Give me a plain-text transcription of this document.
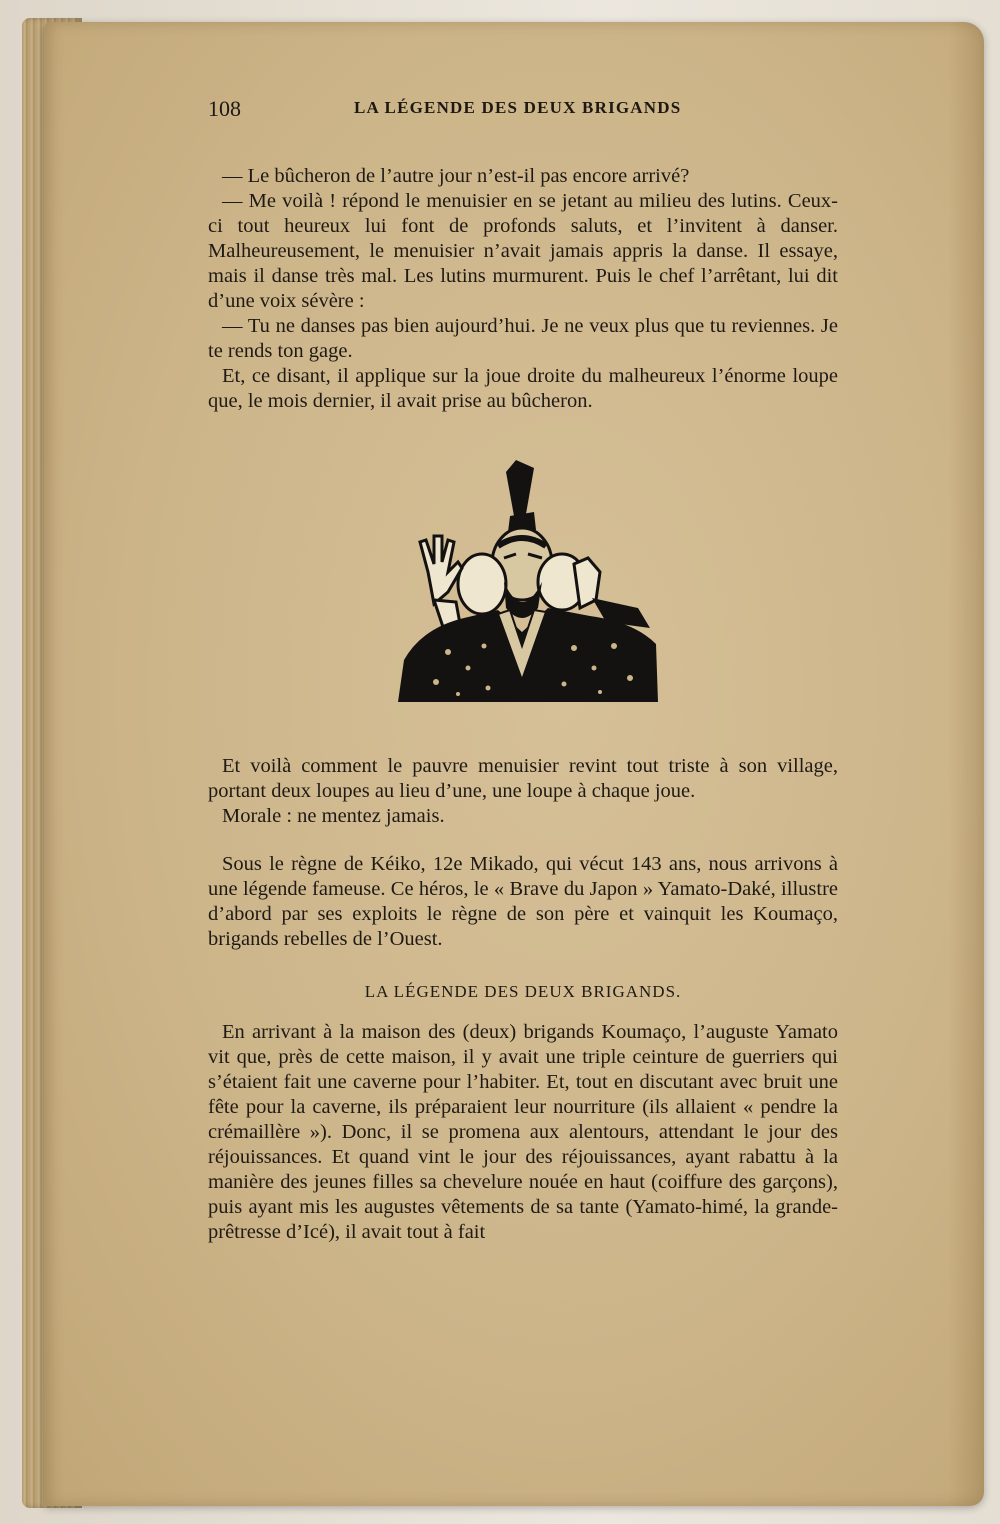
108	LA LÉGENDE DES DEUX BRIGANDS

— Le bûcheron de l’autre jour n’est-il pas encore arrivé?

— Me voilà ! répond le menuisier en se jetant au milieu des lutins. Ceux-ci tout heureux lui font de profonds saluts, et l’invitent à danser. Malheureusement, le menuisier n’avait jamais appris la danse. Il essaye, mais il danse très mal. Les lutins murmurent. Puis le chef l’arrêtant, lui dit d’une voix sévère :

— Tu ne danses pas bien aujourd’hui. Je ne veux plus que tu reviennes. Je te rends ton gage.

Et, ce disant, il applique sur la joue droite du malheureux l’énorme loupe que, le mois dernier, il avait prise au bûcheron.

Et voilà comment le pauvre menuisier revint tout triste à son village, portant deux loupes au lieu d’une, une loupe à chaque joue.

Morale : ne mentez jamais.

Sous le règne de Kéiko, 12e Mikado, qui vécut 143 ans, nous arrivons à une légende fameuse. Ce héros, le « Brave du Japon » Yamato-Daké, illustre d’abord par ses exploits le règne de son père et vainquit les Koumaço, brigands rebelles de l’Ouest.

LA LÉGENDE DES DEUX BRIGANDS.

En arrivant à la maison des (deux) brigands Koumaço, l’auguste Yamato vit que, près de cette maison, il y avait une triple ceinture de guerriers qui s’étaient fait une caverne pour l’habiter. Et, tout en discutant avec bruit une fête pour la caverne, ils préparaient leur nourriture (ils allaient « pendre la crémaillère »). Donc, il se promena aux alentours, attendant le jour des réjouissances. Et quand vint le jour des réjouissances, ayant rabattu à la manière des jeunes filles sa chevelure nouée en haut (coiffure des garçons), puis ayant mis les augustes vêtements de sa tante (Yamato-himé, la grande-prêtresse d’Icé), il avait tout à fait
